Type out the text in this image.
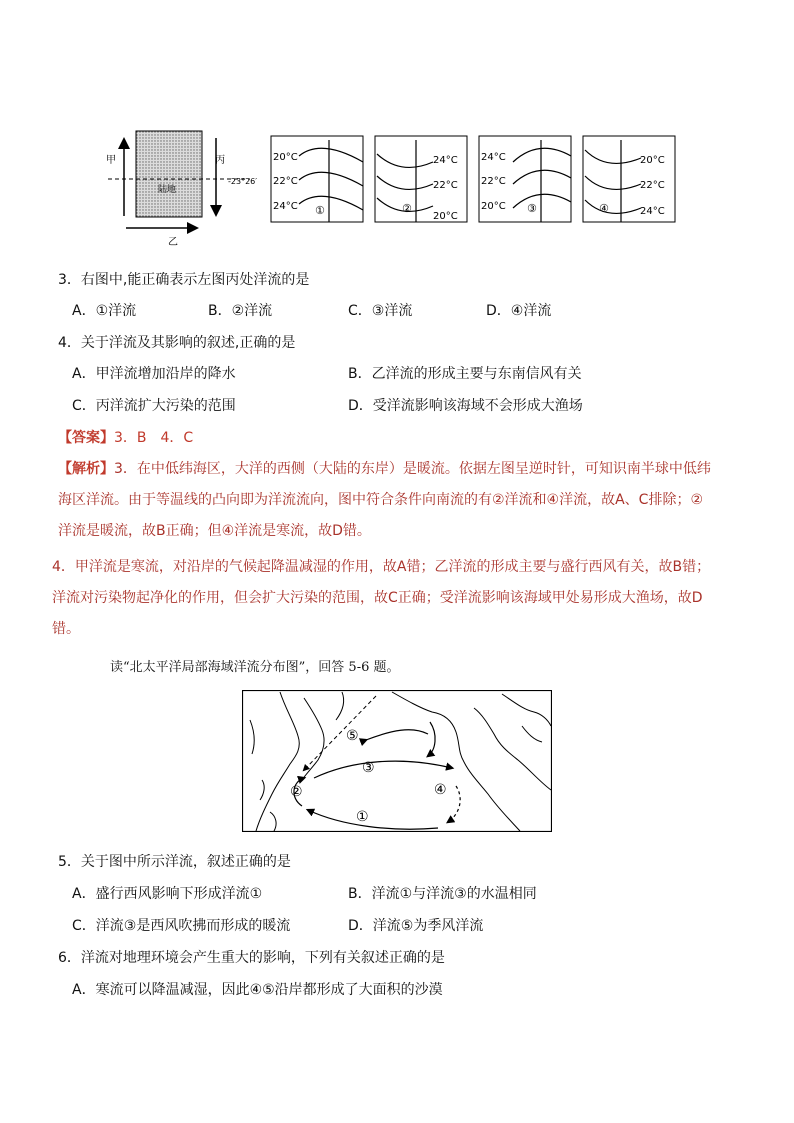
甲	丙
乙
陆地
-23°26′
20°C
22°C
24°C ①
24°C
22°C
20°C
②
24°C
22°C
20°C ③
20°C
22°C
24°C
④
3．右图中,能正确表示左图丙处洋流的是
A．①洋流	B．②洋流	C．③洋流	D．④洋流
4．关于洋流及其影响的叙述,正确的是
A．甲洋流增加沿岸的降水	B．乙洋流的形成主要与东南信风有关
C．丙洋流扩大污染的范围	D．受洋流影响该海域不会形成大渔场
【答案】3．B　4．C
【解析】3．在中低纬海区，大洋的西侧（大陆的东岸）是暖流。依据左图呈逆时针，可知识南半球中低纬
海区洋流。由于等温线的凸向即为洋流流向，图中符合条件向南流的有②洋流和④洋流，故A、C排除；②
洋流是暖流，故B正确；但④洋流是寒流，故D错。
4．甲洋流是寒流，对沿岸的气候起降温减湿的作用，故A错；乙洋流的形成主要与盛行西风有关，故B错；
洋流对污染物起净化的作用，但会扩大污染的范围，故C正确；受洋流影响该海域甲处易形成大渔场，故D
错。
读“北太平洋局部海域洋流分布图”，回答 5-6 题。
①
②
③
④
⑤
5．关于图中所示洋流，叙述正确的是
A．盛行西风影响下形成洋流①	B．洋流①与洋流③的水温相同
C．洋流③是西风吹拂而形成的暖流	D．洋流⑤为季风洋流
6．洋流对地理环境会产生重大的影响，下列有关叙述正确的是
A．寒流可以降温减湿，因此④⑤沿岸都形成了大面积的沙漠
